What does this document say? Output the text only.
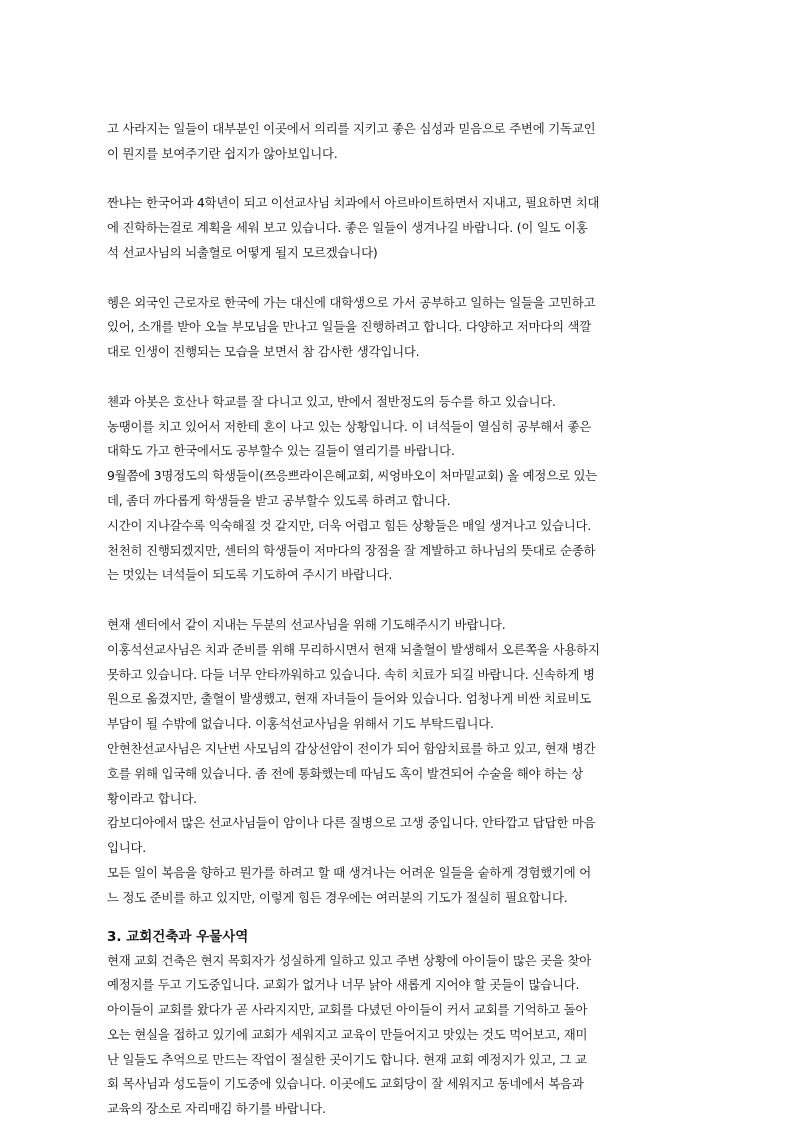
고 사라지는 일들이 대부분인 이곳에서 의리를 지키고 좋은 심성과 믿음으로 주변에 기독교인
이 뭔지를 보여주기란 쉽지가 않아보입니다.
짠냐는 한국어과 4학년이 되고 이선교사님 치과에서 아르바이트하면서 지내고, 필요하면 치대
에 진학하는걸로 계획을 세워 보고 있습니다. 좋은 일들이 생겨나길 바랍니다. (이 일도 이홍
석 선교사님의 뇌출혈로 어떻게 될지 모르겠습니다)
헹은 외국인 근로자로 한국에 가는 대신에 대학생으로 가서 공부하고 일하는 일들을 고민하고
있어, 소개를 받아 오늘 부모님을 만나고 일들을 진행하려고 합니다. 다양하고 저마다의 색깔
대로 인생이 진행되는 모습을 보면서 참 감사한 생각입니다.
첸과 아봇은 호산나 학교를 잘 다니고 있고, 반에서 절반정도의 등수를 하고 있습니다.
농땡이를 치고 있어서 저한테 혼이 나고 있는 상황입니다. 이 녀석들이 열심히 공부해서 좋은
대학도 가고 한국에서도 공부할수 있는 길들이 열리기를 바랍니다.
9월쯤에 3명정도의 학생들이(쯔응쁘라이은혜교회, 씨엉바오이 처마밑교회) 올 예정으로 있는
데, 좀더 까다롭게 학생들을 받고 공부할수 있도록 하려고 합니다.
시간이 지나갈수록 익숙해질 것 같지만, 더욱 어렵고 힘든 상황들은 매일 생겨나고 있습니다.
천천히 진행되겠지만, 센터의 학생들이 저마다의 장점을 잘 계발하고 하나님의 뜻대로 순종하
는 멋있는 녀석들이 되도록 기도하여 주시기 바랍니다.
현재 센터에서 같이 지내는 두분의 선교사님을 위해 기도해주시기 바랍니다.
이홍석선교사님은 치과 준비를 위해 무리하시면서 현재 뇌출혈이 발생해서 오른쪽을 사용하지
못하고 있습니다. 다들 너무 안타까워하고 있습니다. 속히 치료가 되길 바랍니다. 신속하게 병
원으로 옮겼지만, 출혈이 발생했고, 현재 자녀들이 들어와 있습니다. 엄청나게 비싼 치료비도
부담이 될 수밖에 없습니다. 이홍석선교사님을 위해서 기도 부탁드립니다.
안현찬선교사님은 지난번 사모님의 갑상선암이 전이가 되어 함암치료를 하고 있고, 현재 병간
호를 위해 입국해 있습니다. 좀 전에 통화했는데 따님도 혹이 발견되어 수술을 해야 하는 상
황이라고 합니다.
캄보디아에서 많은 선교사님들이 암이나 다른 질병으로 고생 중입니다. 안타깝고 답답한 마음
입니다.
모든 일이 복음을 향하고 뭔가를 하려고 할 때 생겨나는 어려운 일들을 숱하게 경험했기에 어
느 정도 준비를 하고 있지만, 이렇게 힘든 경우에는 여러분의 기도가 절실히 필요합니다.
3. 교회건축과 우물사역
현재 교회 건축은 현지 목회자가 성실하게 일하고 있고 주변 상황에 아이들이 많은 곳을 찾아
예정지를 두고 기도중입니다. 교회가 없거나 너무 낡아 새롭게 지어야 할 곳들이 많습니다.
아이들이 교회를 왔다가 곧 사라지지만, 교회를 다녔던 아이들이 커서 교회를 기억하고 돌아
오는 현실을 접하고 있기에 교회가 세워지고 교육이 만들어지고 맛있는 것도 먹어보고, 재미
난 일들도 추억으로 만드는 작업이 절실한 곳이기도 합니다. 현재 교회 예정지가 있고, 그 교
회 목사님과 성도들이 기도중에 있습니다. 이곳에도 교회당이 잘 세워지고 동네에서 복음과
교육의 장소로 자리매김 하기를 바랍니다.
